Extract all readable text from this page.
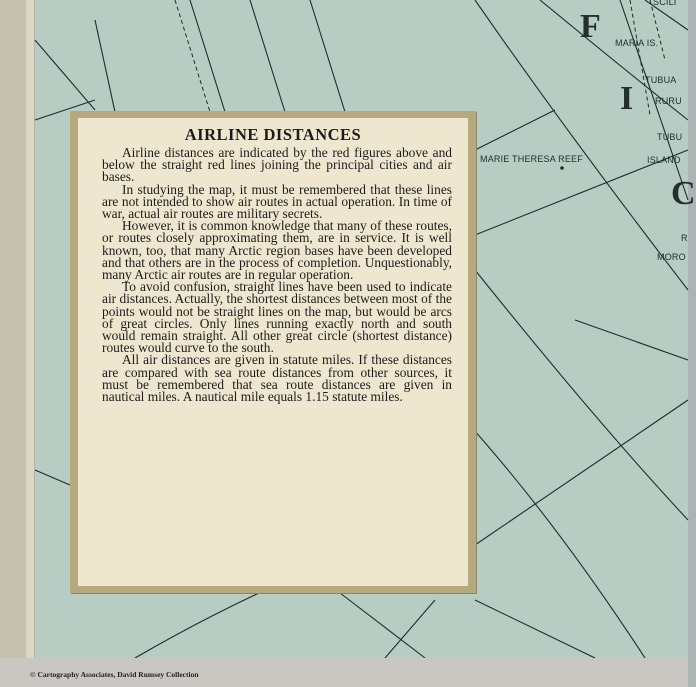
F
I
C
MARIE THERESA REEF
MARIA IS.
SCILI
TUBUA
RURU
TUBU
ISLAND
R
MORO
AIRLINE DISTANCES

Airline distances are indicated by the red figures above and below the straight red lines joining the principal cities and air bases.

In studying the map, it must be remembered that these lines are not intended to show air routes in actual operation. In time of war, actual air routes are military secrets.

However, it is common knowledge that many of these routes, or routes closely approximating them, are in service. It is well known, too, that many Arctic region bases have been developed and that others are in the process of completion. Unquestionably, many Arctic air routes are in regular operation.

To avoid confusion, straight lines have been used to indicate air distances. Actually, the shortest distances between most of the points would not be straight lines on the map, but would be arcs of great circles. Only lines running exactly north and south would remain straight. All other great circle (shortest distance) routes would curve to the south.

All air distances are given in statute miles. If these distances are compared with sea route distances from other sources, it must be remembered that sea route distances are given in nautical miles. A nautical mile equals 1.15 statute miles.

© Cartography Associates, David Rumsey Collection
